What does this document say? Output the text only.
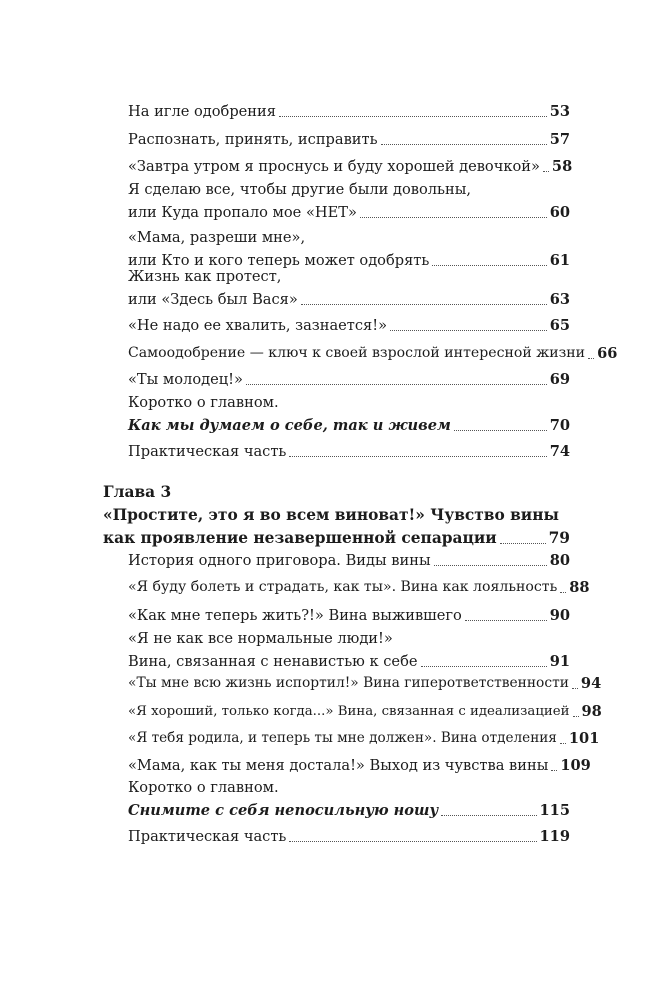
На игле одобрения	53
Распознать, принять, исправить	57
«Завтра утром я проснусь и буду хорошей девочкой» 58
Я сделаю все, чтобы другие были довольны,
или Куда пропало мое «НЕТ»	60
«Мама, разреши мне»,
или Кто и кого теперь может одобрять	61
Жизнь как протест,
или «Здесь был Вася»	63
«Не надо ее хвалить, зазнается!»	65
Самоодобрение — ключ к своей взрослой интересной жизни 66
«Ты молодец!»	69
Коротко о главном.
Как мы думаем о себе, так и живем	70
Практическая часть	74
Глава 3
«Простите, это я во всем виноват!» Чувство вины
как проявление незавершенной сепарации	79
История одного приговора. Виды вины	80
«Я буду болеть и страдать, как ты». Вина как лояльность 88
«Как мне теперь жить?!» Вина выжившего	90
«Я не как все нормальные люди!»
Вина, связанная с ненавистью к себе	91
«Ты мне всю жизнь испортил!» Вина гиперответственности 94
«Я хороший, только когда...» Вина, связанная с идеализацией 98
«Я тебя родила, и теперь ты мне должен». Вина отделения 101
«Мама, как ты меня достала!» Выход из чувства вины 109
Коротко о главном.
Снимите с себя непосильную ношу	115
Практическая часть	119
